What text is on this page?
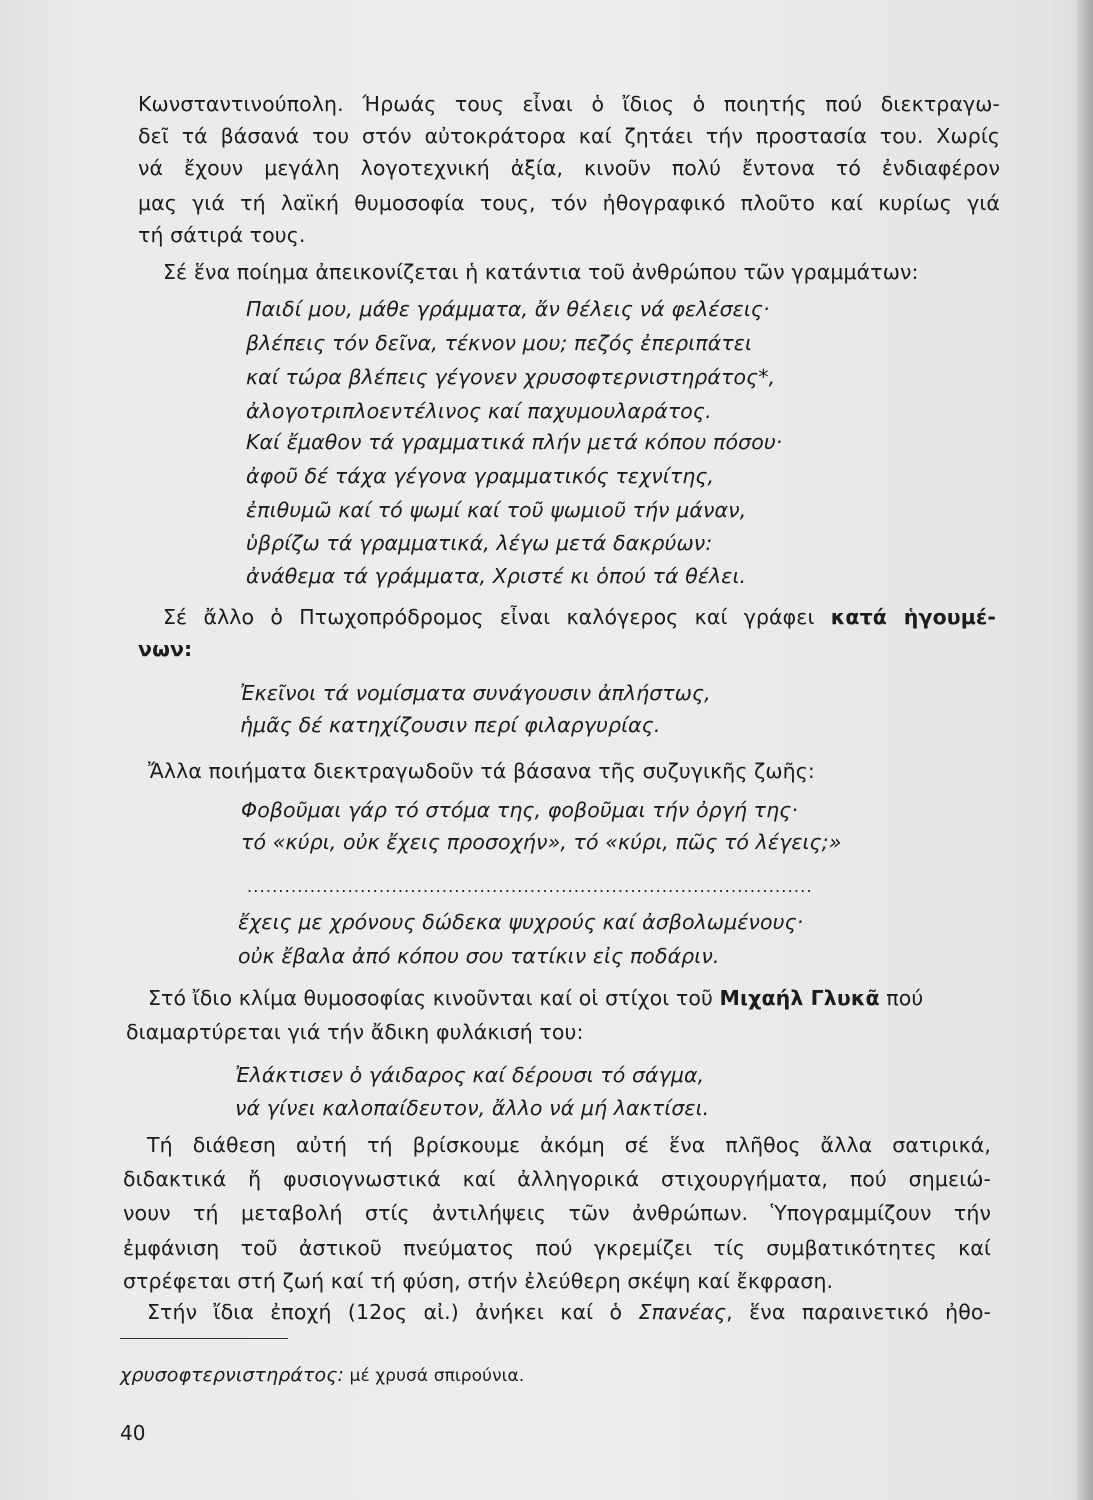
Κωνσταντινούπολη. Ήρωάς τους εἶναι ὁ ἴδιος ὁ ποιητής πού διεκτραγω-
δεῖ τά βάσανά του στόν αὐτοκράτορα καί ζητάει τήν προστασία του. Χωρίς
νά ἔχουν μεγάλη λογοτεχνική ἀξία, κινοῦν πολύ ἔντονα τό ἐνδιαφέρον
μας γιά τή λαϊκή θυμοσοφία τους, τόν ἠθογραφικό πλοῦτο καί κυρίως γιά
τή σάτιρά τους.
Σέ ἕνα ποίημα ἀπεικονίζεται ἡ κατάντια τοῦ ἀνθρώπου τῶν γραμμάτων:
Παιδί μου, μάθε γράμματα, ἄν θέλεις νά φελέσεις·
βλέπεις τόν δεῖνα, τέκνον μου; πεζός ἐπεριπάτει
καί τώρα βλέπεις γέγονεν χρυσοφτερνιστηράτος*,
ἀλογοτριπλοεντέλινος καί παχυμουλαράτος.
Καί ἔμαθον τά γραμματικά πλήν μετά κόπου πόσου·
ἀφοῦ δέ τάχα γέγονα γραμματικός τεχνίτης,
ἐπιθυμῶ καί τό ψωμί καί τοῦ ψωμιοῦ τήν μάναν,
ὑβρίζω τά γραμματικά, λέγω μετά δακρύων:
ἀνάθεμα τά γράμματα, Χριστέ κι ὁπού τά θέλει.
Σέ ἄλλο ὁ Πτωχοπρόδρομος εἶναι καλόγερος καί γράφει κατά ἡγουμέ-
νων:
Ἐκεῖνοι τά νομίσματα συνάγουσιν ἀπλήστως,
ἡμᾶς δέ κατηχίζουσιν περί φιλαργυρίας.
Ἄλλα ποιήματα διεκτραγωδοῦν τά βάσανα τῆς συζυγικῆς ζωῆς:
Φοβοῦμαι γάρ τό στόμα της, φοβοῦμαι τήν ὀργή της·
τό «κύρι, οὐκ ἔχεις προσοχήν», τό «κύρι, πῶς τό λέγεις;»
..........................................................................................
ἔχεις με χρόνους δώδεκα ψυχρούς καί ἀσβολωμένους·
οὐκ ἔβαλα ἀπό κόπου σου τατίκιν εἰς ποδάριν.
Στό ἴδιο κλίμα θυμοσοφίας κινοῦνται καί οἱ στίχοι τοῦ Μιχαήλ Γλυκᾶ πού
διαμαρτύρεται γιά τήν ἄδικη φυλάκισή του:
Ἐλάκτισεν ὁ γάιδαρος καί δέρουσι τό σάγμα,
νά γίνει καλοπαίδευτον, ἄλλο νά μή λακτίσει.
Τή διάθεση αὐτή τή βρίσκουμε ἀκόμη σέ ἕνα πλῆθος ἄλλα σατιρικά,
διδακτικά ἤ φυσιογνωστικά καί ἀλληγορικά στιχουργήματα, πού σημειώ-
νουν τή μεταβολή στίς ἀντιλήψεις τῶν ἀνθρώπων. Ὑπογραμμίζουν τήν
ἐμφάνιση τοῦ ἀστικοῦ πνεύματος πού γκρεμίζει τίς συμβατικότητες καί
στρέφεται στή ζωή καί τή φύση, στήν ἐλεύθερη σκέψη καί ἔκφραση.
Στήν ἴδια ἐποχή (12ος αἰ.) ἀνήκει καί ὁ Σπανέας, ἕνα παραινετικό ἠθο-
χρυσοφτερνιστηράτος: μέ χρυσά σπιρούνια.
40
